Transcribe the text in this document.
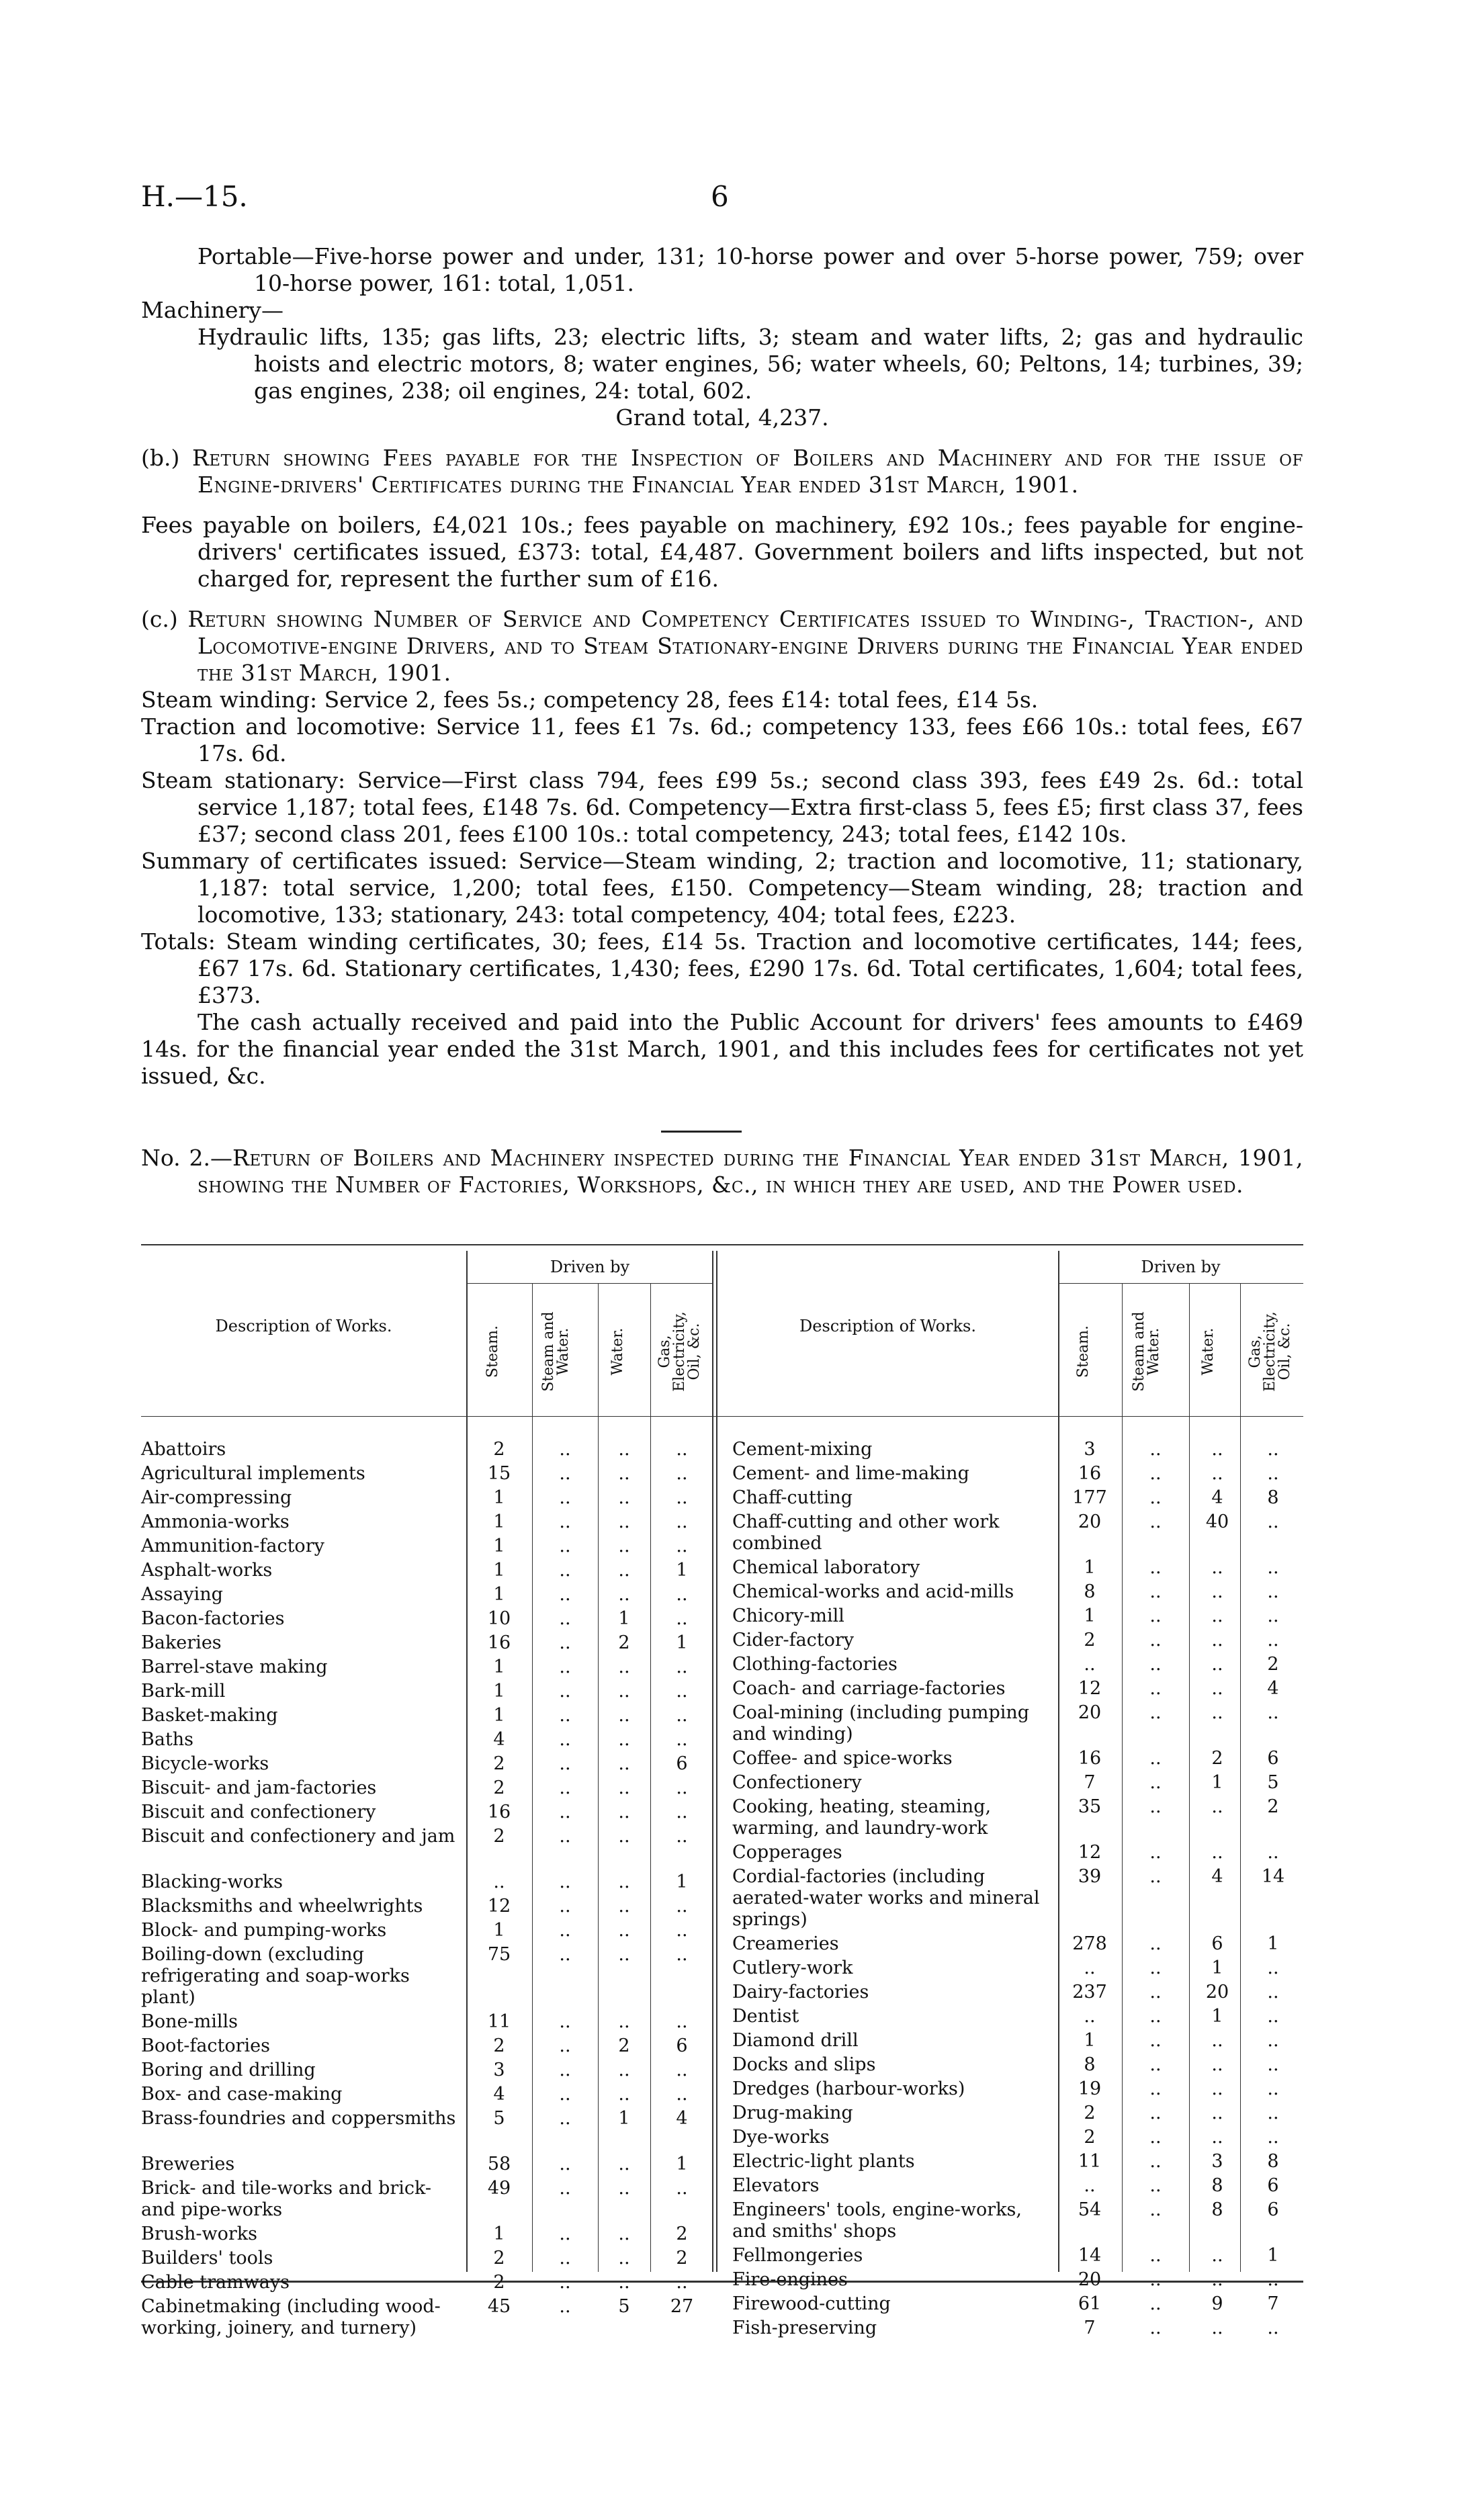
H.—15.	6

Portable—Five-horse power and under, 131; 10-horse power and over 5-horse power, 759; over 10-horse power, 161: total, 1,051.

Machinery—

Hydraulic lifts, 135; gas lifts, 23; electric lifts, 3; steam and water lifts, 2; gas and hydraulic hoists and electric motors, 8; water engines, 56; water wheels, 60; Peltons, 14; turbines, 39; gas engines, 238; oil engines, 24: total, 602.

Grand total, 4,237.

(b.) Return showing Fees payable for the Inspection of Boilers and Machinery and for the issue of Engine-drivers' Certificates during the Financial Year ended 31st March, 1901.

Fees payable on boilers, £4,021 10s.; fees payable on machinery, £92 10s.; fees payable for engine-drivers' certificates issued, £373: total, £4,487. Government boilers and lifts inspected, but not charged for, represent the further sum of £16.

(c.) Return showing Number of Service and Competency Certificates issued to Winding-, Traction-, and Locomotive-engine Drivers, and to Steam Stationary-engine Drivers during the Financial Year ended the 31st March, 1901.

Steam winding: Service 2, fees 5s.; competency 28, fees £14: total fees, £14 5s.

Traction and locomotive: Service 11, fees £1 7s. 6d.; competency 133, fees £66 10s.: total fees, £67 17s. 6d.

Steam stationary: Service—First class 794, fees £99 5s.; second class 393, fees £49 2s. 6d.: total service 1,187; total fees, £148 7s. 6d. Competency—Extra first-class 5, fees £5; first class 37, fees £37; second class 201, fees £100 10s.: total competency, 243; total fees, £142 10s.

Summary of certificates issued: Service—Steam winding, 2; traction and locomotive, 11; stationary, 1,187: total service, 1,200; total fees, £150. Competency—Steam winding, 28; traction and locomotive, 133; stationary, 243: total competency, 404; total fees, £223.

Totals: Steam winding certificates, 30; fees, £14 5s. Traction and locomotive certificates, 144; fees, £67 17s. 6d. Stationary certificates, 1,430; fees, £290 17s. 6d. Total certificates, 1,604; total fees, £373.

The cash actually received and paid into the Public Account for drivers' fees amounts to £469 14s. for the financial year ended the 31st March, 1901, and this includes fees for certificates not yet issued, &c.

No. 2.—Return of Boilers and Machinery inspected during the Financial Year ended 31st March, 1901, showing the Number of Factories, Workshops, &c., in which they are used, and the Power used.

Driven by	Driven by
Description of Works.	Description of Works.
Steam.	Steam and Water.	Water.	Gas, Electricity, Oil, &c.	Steam.	Steam and Water.	Water.	Gas, Electricity, Oil, &c.
Abattoirs	2	..	..	..
Agricultural implements	15	..	..	..
Air-compressing	1	..	..	..
Ammonia-works	1	..	..	..
Ammunition-factory	1	..	..	..
Asphalt-works	1	..	..	1
Assaying	1	..	..	..
Bacon-factories	10	..	1	..
Bakeries	16	..	2	1
Barrel-stave making	1	..	..	..
Bark-mill	1	..	..	..
Basket-making	1	..	..	..
Baths	4	..	..	..
Bicycle-works	2	..	..	6
Biscuit- and jam-factories	2	..	..	..
Biscuit and confectionery	16	..	..	..
Biscuit and confectionery and jam	2	..	..	..
Blacking-works	..	..	..	1
Blacksmiths and wheelwrights	12	..	..	..
Block- and pumping-works	1	..	..	..
Boiling-down (excluding refrigerating and soap-works plant)
75	..	..	..
Bone-mills	11	..	..	..
Boot-factories	2	..	2	6
Boring and drilling	3	..	..	..
Box- and case-making	4	..	..	..
Brass-foundries and coppersmiths	5	..	1	4
Breweries	58	..	..	1
Brick- and tile-works and brick- and pipe-works
49	..	..	..
Brush-works	1	..	..	2
Builders' tools	2	..	..	2
Cable tramways	2	..	..	..
Cabinetmaking (including wood-working, joinery, and turnery)
45	..	5	27
Cement-mixing	3	..	..	..
Cement- and lime-making	16	..	..	..
Chaff-cutting	177	..	4	8
Chaff-cutting and other work combined
20	..	40	..
Chemical laboratory	1	..	..	..
Chemical-works and acid-mills	8	..	..	..
Chicory-mill	1	..	..	..
Cider-factory	2	..	..	..
Clothing-factories	..	..	..	2
Coach- and carriage-factories	12	..	..	4
Coal-mining (including pumping and winding)
20	..	..	..
Coffee- and spice-works	16	..	2	6
Confectionery	7	..	1	5
Cooking, heating, steaming, warming, and laundry-work
35	..	..	2
Copperages	12	..	..	..
Cordial-factories (including aerated-water works and mineral springs)
39	..	4	14
Creameries	278	..	6	1
Cutlery-work	..	..	1	..
Dairy-factories	237	..	20	..
Dentist	..	..	1	..
Diamond drill	1	..	..	..
Docks and slips	8	..	..	..
Dredges (harbour-works)	19	..	..	..
Drug-making	2	..	..	..
Dye-works	2	..	..	..
Electric-light plants	11	..	3	8
Elevators	..	..	8	6
Engineers' tools, engine-works, and smiths' shops
54	..	8	6
Fellmongeries	14	..	..	1
Fire-engines	20	..	..	..
Firewood-cutting	61	..	9	7
Fish-preserving	7	..	..	..
